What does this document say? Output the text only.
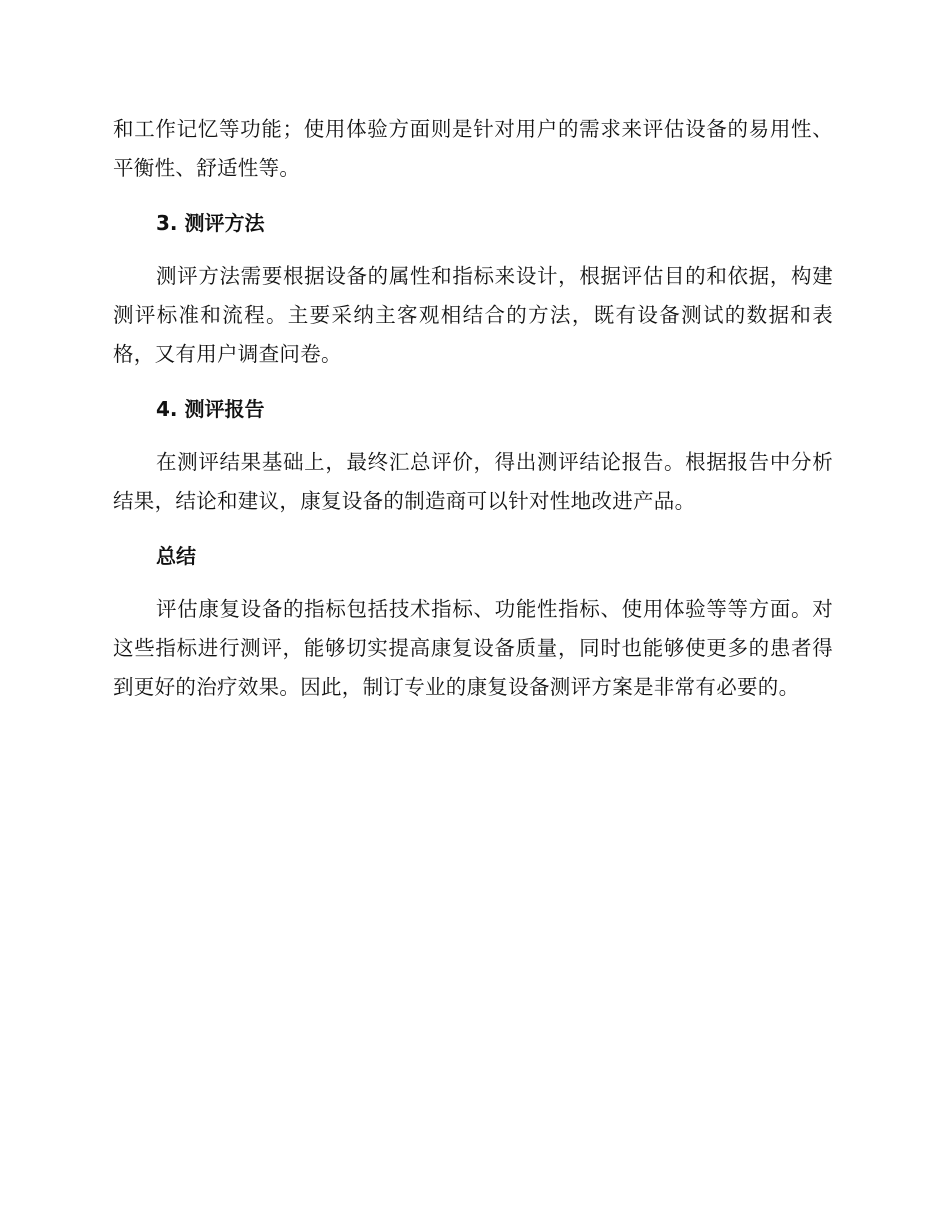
和工作记忆等功能；使用体验方面则是针对用户的需求来评估设备的易用性、平衡性、舒适性等。

3. 测评方法

测评方法需要根据设备的属性和指标来设计，根据评估目的和依据，构建测评标准和流程。主要采纳主客观相结合的方法，既有设备测试的数据和表格，又有用户调查问卷。

4. 测评报告

在测评结果基础上，最终汇总评价，得出测评结论报告。根据报告中分析结果，结论和建议，康复设备的制造商可以针对性地改进产品。

总结

评估康复设备的指标包括技术指标、功能性指标、使用体验等等方面。对这些指标进行测评，能够切实提高康复设备质量，同时也能够使更多的患者得到更好的治疗效果。因此，制订专业的康复设备测评方案是非常有必要的。
